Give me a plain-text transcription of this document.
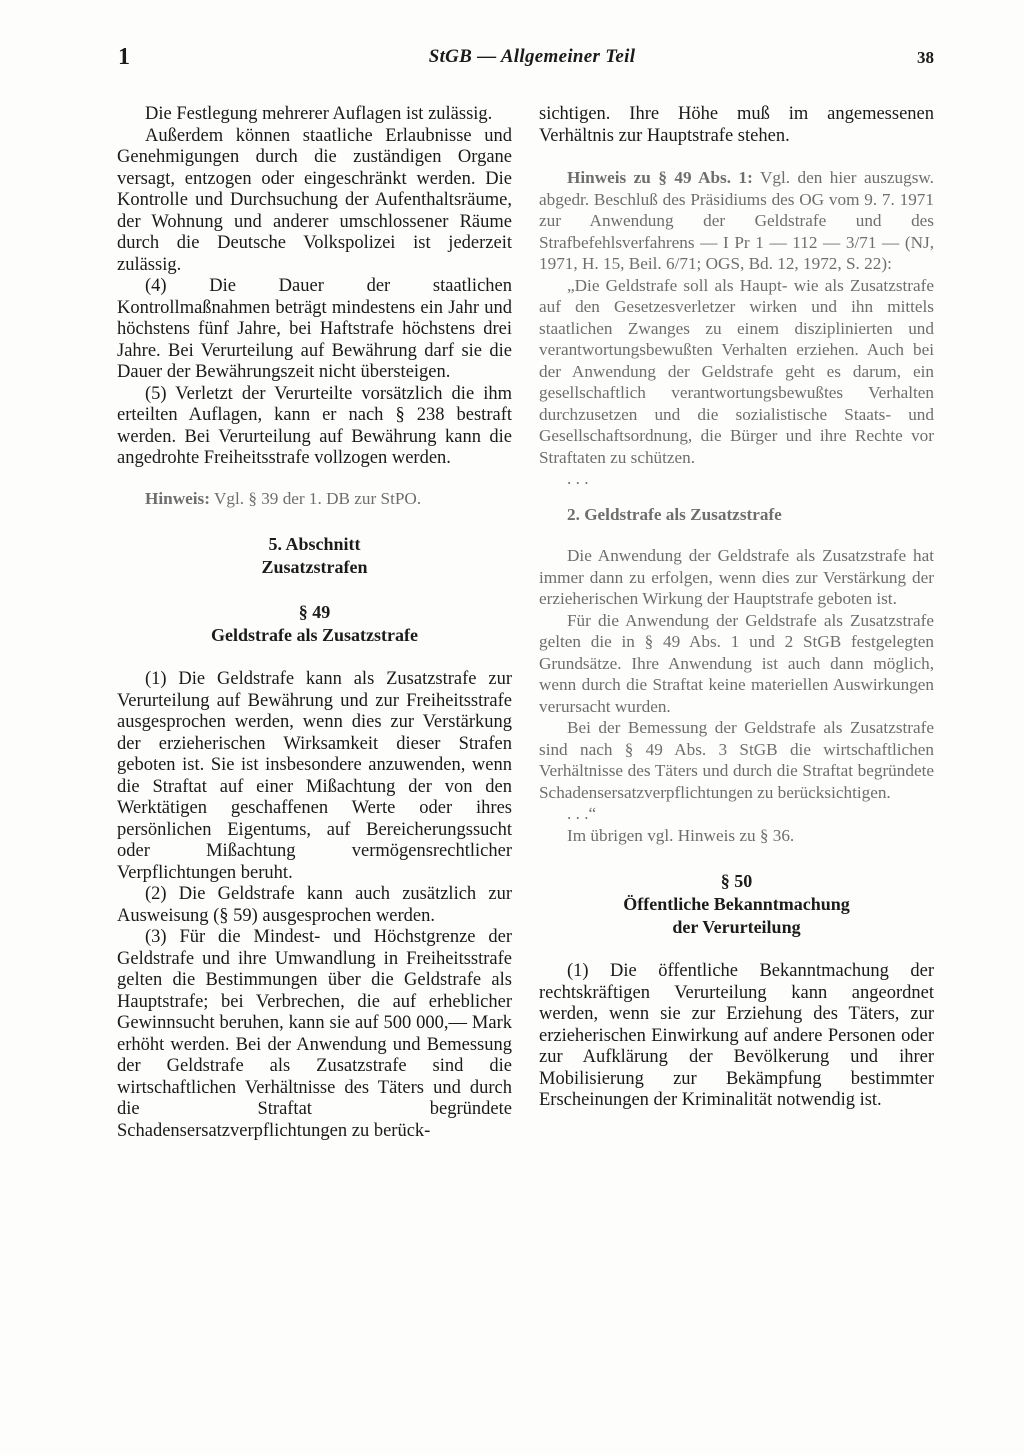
1	StGB — Allgemeiner Teil	38

Die Festlegung mehrerer Auflagen ist zulässig.

Außerdem können staatliche Erlaubnisse und Genehmigungen durch die zuständigen Organe versagt, entzogen oder eingeschränkt werden. Die Kontrolle und Durchsuchung der Aufenthaltsräume, der Wohnung und anderer umschlossener Räume durch die Deutsche Volkspolizei ist jederzeit zulässig.

(4) Die Dauer der staatlichen Kontrollmaßnahmen beträgt mindestens ein Jahr und höchstens fünf Jahre, bei Haftstrafe höchstens drei Jahre. Bei Verurteilung auf Bewährung darf sie die Dauer der Bewährungszeit nicht übersteigen.

(5) Verletzt der Verurteilte vorsätzlich die ihm erteilten Auflagen, kann er nach § 238 bestraft werden. Bei Verurteilung auf Bewährung kann die angedrohte Freiheitsstrafe vollzogen werden.

Hinweis: Vgl. § 39 der 1. DB zur StPO.

5. Abschnitt

Zusatzstrafen

§ 49

Geldstrafe als Zusatzstrafe

(1) Die Geldstrafe kann als Zusatzstrafe zur Verurteilung auf Bewährung und zur Freiheitsstrafe ausgesprochen werden, wenn dies zur Verstärkung der erzieherischen Wirksamkeit dieser Strafen geboten ist. Sie ist insbesondere anzuwenden, wenn die Straftat auf einer Mißachtung der von den Werktätigen geschaffenen Werte oder ihres persönlichen Eigentums, auf Bereicherungssucht oder Mißachtung vermögensrechtlicher Verpflichtungen beruht.

(2) Die Geldstrafe kann auch zusätzlich zur Ausweisung (§ 59) ausgesprochen werden.

(3) Für die Mindest- und Höchstgrenze der Geldstrafe und ihre Umwandlung in Freiheitsstrafe gelten die Bestimmungen über die Geldstrafe als Hauptstrafe; bei Verbrechen, die auf erheblicher Gewinnsucht beruhen, kann sie auf 500 000,— Mark erhöht werden. Bei der Anwendung und Bemessung der Geldstrafe als Zusatzstrafe sind die wirtschaftlichen Verhältnisse des Täters und durch die Straftat begründete Schadensersatzverpflichtungen zu berück-

sichtigen. Ihre Höhe muß im angemessenen Verhältnis zur Hauptstrafe stehen.

Hinweis zu § 49 Abs. 1: Vgl. den hier auszugsw. abgedr. Beschluß des Präsidiums des OG vom 9. 7. 1971 zur Anwendung der Geldstrafe und des Strafbefehlsverfahrens — I Pr 1 — 112 — 3/71 — (NJ, 1971, H. 15, Beil. 6/71; OGS, Bd. 12, 1972, S. 22):

„Die Geldstrafe soll als Haupt- wie als Zusatzstrafe auf den Gesetzesverletzer wirken und ihn mittels staatlichen Zwanges zu einem disziplinierten und verantwortungsbewußten Verhalten erziehen. Auch bei der Anwendung der Geldstrafe geht es darum, ein gesellschaftlich verantwortungsbewußtes Verhalten durchzusetzen und die sozialistische Staats- und Gesellschaftsordnung, die Bürger und ihre Rechte vor Straftaten zu schützen.

. . .

2. Geldstrafe als Zusatzstrafe

Die Anwendung der Geldstrafe als Zusatzstrafe hat immer dann zu erfolgen, wenn dies zur Verstärkung der erzieherischen Wirkung der Hauptstrafe geboten ist.

Für die Anwendung der Geldstrafe als Zusatzstrafe gelten die in § 49 Abs. 1 und 2 StGB festgelegten Grundsätze. Ihre Anwendung ist auch dann möglich, wenn durch die Straftat keine materiellen Auswirkungen verursacht wurden.

Bei der Bemessung der Geldstrafe als Zusatzstrafe sind nach § 49 Abs. 3 StGB die wirtschaftlichen Verhältnisse des Täters und durch die Straftat begründete Schadensersatzverpflichtungen zu berücksichtigen.

. . .“

Im übrigen vgl. Hinweis zu § 36.

§ 50

Öffentliche Bekanntmachung

der Verurteilung

(1) Die öffentliche Bekanntmachung der rechtskräftigen Verurteilung kann angeordnet werden, wenn sie zur Erziehung des Täters, zur erzieherischen Einwirkung auf andere Personen oder zur Aufklärung der Bevölkerung und ihrer Mobilisierung zur Bekämpfung bestimmter Erscheinungen der Kriminalität notwendig ist.
